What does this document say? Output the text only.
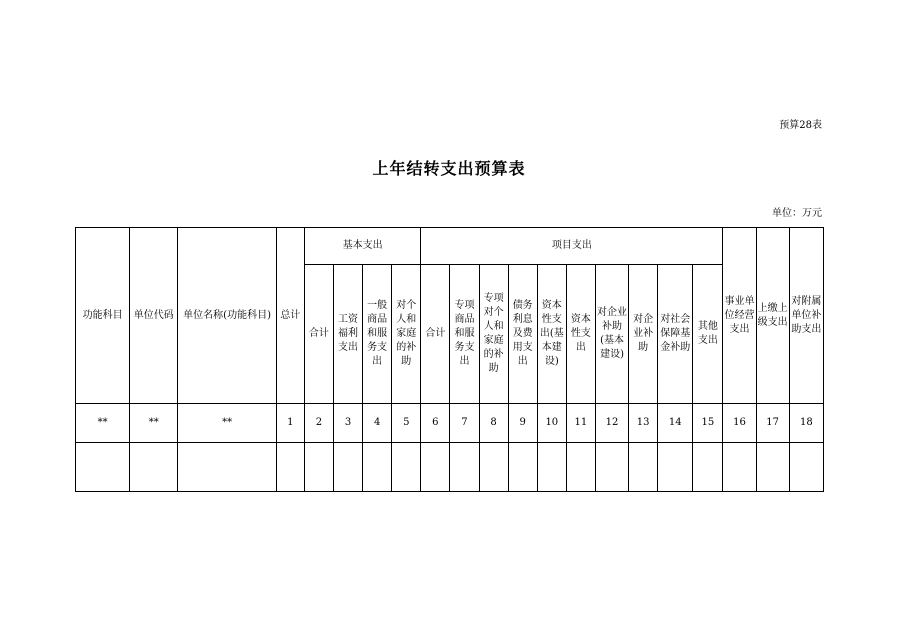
预算28表
上年结转支出预算表
单位：万元
功能科目	单位代码	单位名称(功能科目)	总计	基本支出				项目支出										事业单位经营支出	上缴上级支出	对附属单位补助支出
				合计	工资福利支出	一般商品和服务支出	对个人和家庭的补助	合计	专项商品和服务支出	专项对个人和家庭的补助	债务利息及费用支出	资本性支出(基本建设)	资本性支出	对企业补助(基本建设)	对企业补助	对社会保障基金补助	其他支出			
**	**	**	1	2	3	4	5	6	7	8	9	10	11	12	13	14	15	16	17	18
